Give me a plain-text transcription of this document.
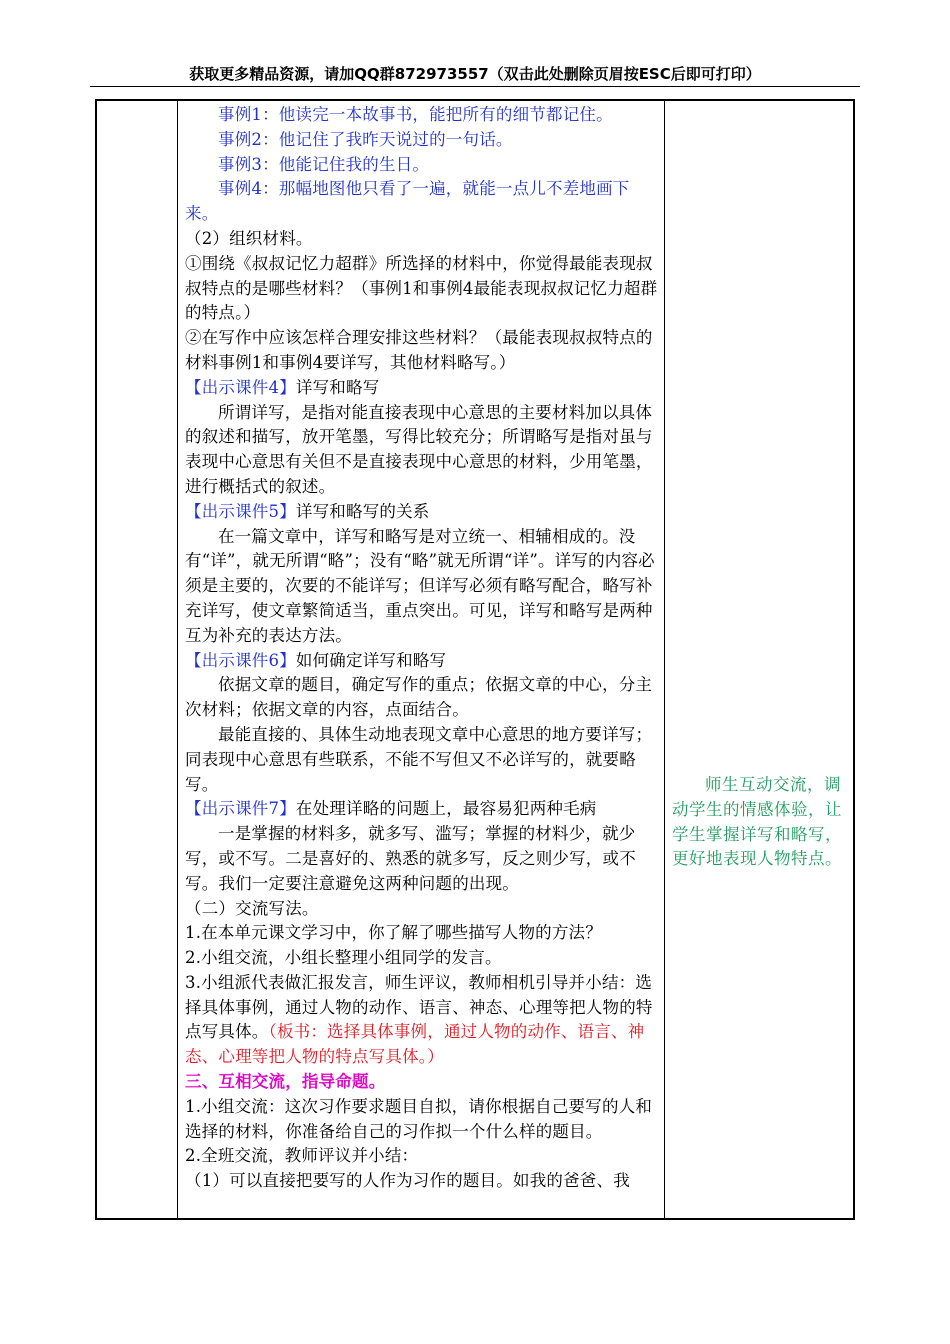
获取更多精品资源，请加QQ群872973557（双击此处删除页眉按ESC后即可打印）

事例1：他读完一本故事书，能把所有的细节都记住。

事例2：他记住了我昨天说过的一句话。

事例3：他能记住我的生日。

事例4：那幅地图他只看了一遍，就能一点儿不差地画下来。

（2）组织材料。

①围绕《叔叔记忆力超群》所选择的材料中，你觉得最能表现叔叔特点的是哪些材料？（事例1和事例4最能表现叔叔记忆力超群的特点。）

②在写作中应该怎样合理安排这些材料？（最能表现叔叔特点的材料事例1和事例4要详写，其他材料略写。）

【出示课件4】详写和略写

所谓详写，是指对能直接表现中心意思的主要材料加以具体的叙述和描写，放开笔墨，写得比较充分；所谓略写是指对虽与表现中心意思有关但不是直接表现中心意思的材料，少用笔墨，进行概括式的叙述。

【出示课件5】详写和略写的关系

在一篇文章中，详写和略写是对立统一、相辅相成的。没有“详”，就无所谓“略”；没有“略”就无所谓“详”。详写的内容必须是主要的，次要的不能详写；但详写必须有略写配合，略写补充详写，使文章繁简适当，重点突出。可见，详写和略写是两种互为补充的表达方法。

【出示课件6】如何确定详写和略写

依据文章的题目，确定写作的重点；依据文章的中心，分主次材料；依据文章的内容，点面结合。

最能直接的、具体生动地表现文章中心意思的地方要详写；同表现中心意思有些联系，不能不写但又不必详写的，就要略写。

【出示课件7】在处理详略的问题上，最容易犯两种毛病

一是掌握的材料多，就多写、滥写；掌握的材料少，就少写，或不写。二是喜好的、熟悉的就多写，反之则少写，或不写。我们一定要注意避免这两种问题的出现。

（二）交流写法。

1.在本单元课文学习中，你了解了哪些描写人物的方法？

2.小组交流，小组长整理小组同学的发言。

3.小组派代表做汇报发言，师生评议，教师相机引导并小结：选择具体事例，通过人物的动作、语言、神态、心理等把人物的特点写具体。（板书：选择具体事例，通过人物的动作、语言、神态、心理等把人物的特点写具体。）

三、互相交流，指导命题。

1.小组交流：这次习作要求题目自拟，请你根据自己要写的人和选择的材料，你准备给自己的习作拟一个什么样的题目。

2.全班交流，教师评议并小结：

（1）可以直接把要写的人作为习作的题目。如我的爸爸、我

师生互动交流，调动学生的情感体验，让学生掌握详写和略写，更好地表现人物特点。
